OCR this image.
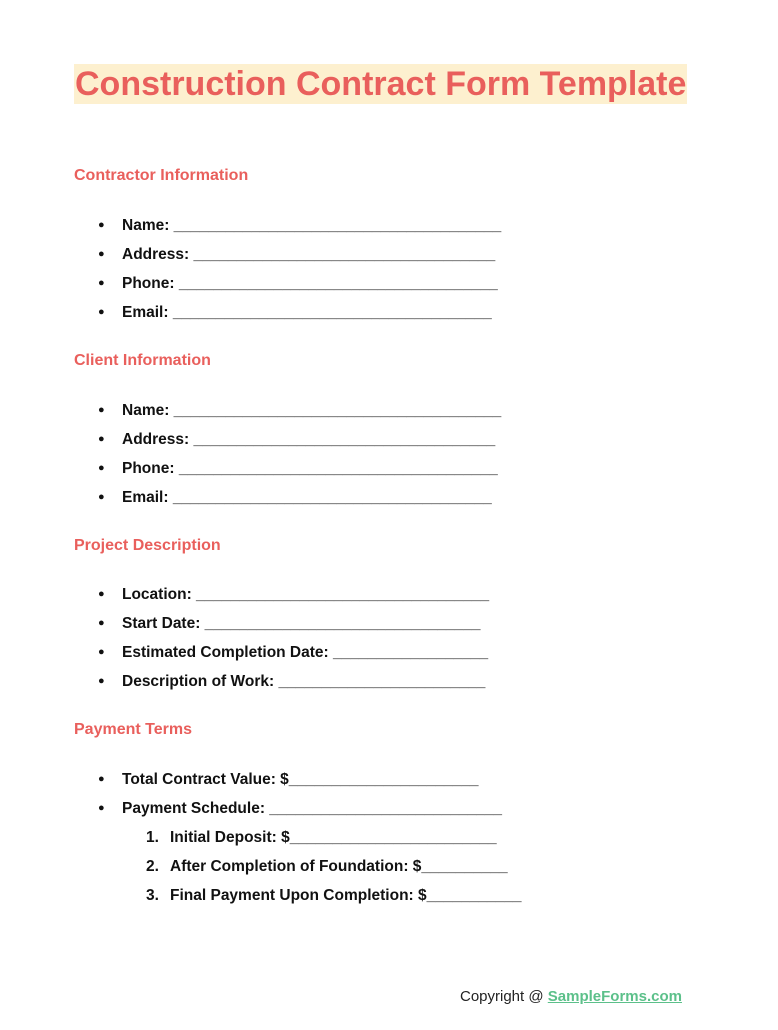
Construction Contract Form Template
Contractor Information
● Name: ______________________________________
● Address: ___________________________________
● Phone: _____________________________________
● Email: _____________________________________
Client Information
● Name: ______________________________________
● Address: ___________________________________
● Phone: _____________________________________
● Email: _____________________________________
Project Description
● Location: __________________________________
● Start Date: ________________________________
● Estimated Completion Date: __________________
● Description of Work: ________________________
Payment Terms
● Total Contract Value: $______________________
● Payment Schedule: ___________________________
1. Initial Deposit: $________________________
2. After Completion of Foundation: $__________
3. Final Payment Upon Completion: $___________
Copyright @ SampleForms.com
